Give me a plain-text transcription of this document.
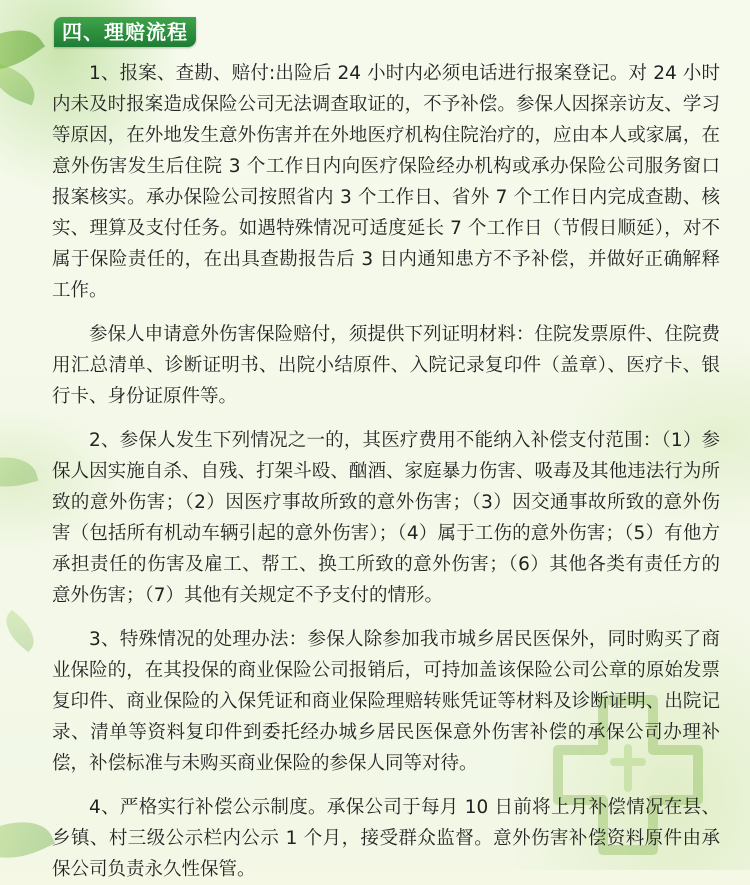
四、理赔流程

1、报案、查勘、赔付:出险后 24 小时内必须电话进行报案登记。对 24 小时内未及时报案造成保险公司无法调查取证的，不予补偿。参保人因探亲访友、学习等原因，在外地发生意外伤害并在外地医疗机构住院治疗的，应由本人或家属，在意外伤害发生后住院 3 个工作日内向医疗保险经办机构或承办保险公司服务窗口报案核实。承办保险公司按照省内 3 个工作日、省外 7 个工作日内完成查勘、核实、理算及支付任务。如遇特殊情况可适度延长 7 个工作日（节假日顺延），对不属于保险责任的，在出具查勘报告后 3 日内通知患方不予补偿，并做好正确解释工作。

参保人申请意外伤害保险赔付，须提供下列证明材料：住院发票原件、住院费用汇总清单、诊断证明书、出院小结原件、入院记录复印件（盖章）、医疗卡、银行卡、身份证原件等。

2、参保人发生下列情况之一的，其医疗费用不能纳入补偿支付范围：（1）参保人因实施自杀、自残、打架斗殴、酗酒、家庭暴力伤害、吸毒及其他违法行为所致的意外伤害；（2）因医疗事故所致的意外伤害；（3）因交通事故所致的意外伤害（包括所有机动车辆引起的意外伤害）；（4）属于工伤的意外伤害；（5）有他方承担责任的伤害及雇工、帮工、换工所致的意外伤害；（6）其他各类有责任方的意外伤害；（7）其他有关规定不予支付的情形。

3、特殊情况的处理办法：参保人除参加我市城乡居民医保外，同时购买了商业保险的，在其投保的商业保险公司报销后，可持加盖该保险公司公章的原始发票复印件、商业保险的入保凭证和商业保险理赔转账凭证等材料及诊断证明、出院记录、清单等资料复印件到委托经办城乡居民医保意外伤害补偿的承保公司办理补偿，补偿标准与未购买商业保险的参保人同等对待。

4、严格实行补偿公示制度。承保公司于每月 10 日前将上月补偿情况在县、乡镇、村三级公示栏内公示 1 个月，接受群众监督。意外伤害补偿资料原件由承保公司负责永久性保管。
